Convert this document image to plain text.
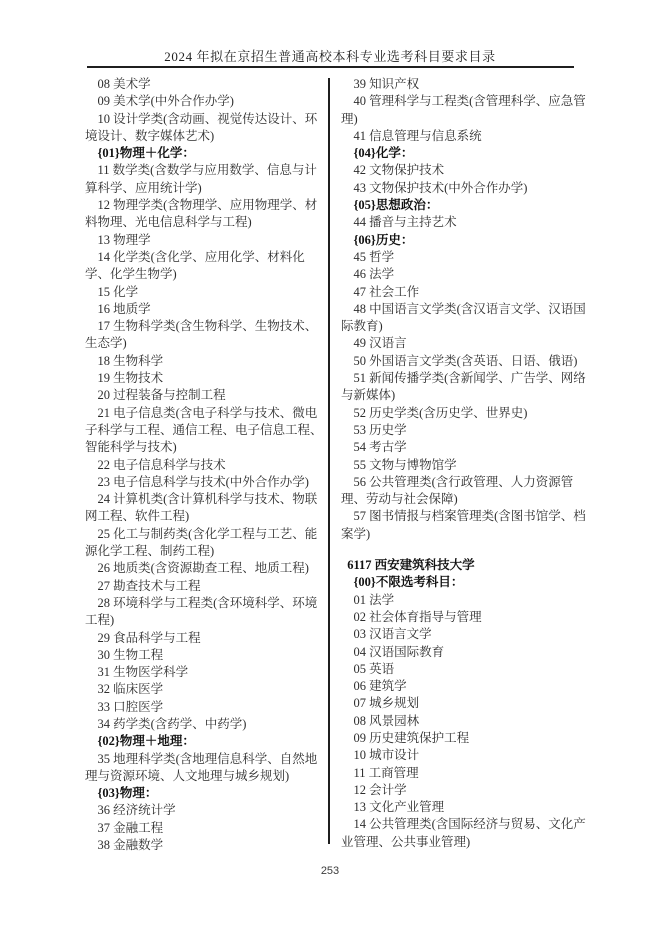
2024 年拟在京招生普通高校本科专业选考科目要求目录

08 美术学

09 美术学(中外合作办学)

10 设计学类(含动画、视觉传达设计、环境设计、数字媒体艺术)

{01}物理＋化学：

11 数学类(含数学与应用数学、信息与计算科学、应用统计学)

12 物理学类(含物理学、应用物理学、材料物理、光电信息科学与工程)

13 物理学

14 化学类(含化学、应用化学、材料化学、化学生物学)

15 化学

16 地质学

17 生物科学类(含生物科学、生物技术、生态学)

18 生物科学

19 生物技术

20 过程装备与控制工程

21 电子信息类(含电子科学与技术、微电子科学与工程、通信工程、电子信息工程、智能科学与技术)

22 电子信息科学与技术

23 电子信息科学与技术(中外合作办学)

24 计算机类(含计算机科学与技术、物联网工程、软件工程)

25 化工与制药类(含化学工程与工艺、能源化学工程、制药工程)

26 地质类(含资源勘查工程、地质工程)

27 勘查技术与工程

28 环境科学与工程类(含环境科学、环境工程)

29 食品科学与工程

30 生物工程

31 生物医学科学

32 临床医学

33 口腔医学

34 药学类(含药学、中药学)

{02}物理＋地理：

35 地理科学类(含地理信息科学、自然地理与资源环境、人文地理与城乡规划)

{03}物理：

36 经济统计学

37 金融工程

38 金融数学

39 知识产权

40 管理科学与工程类(含管理科学、应急管理)

41 信息管理与信息系统

{04}化学：

42 文物保护技术

43 文物保护技术(中外合作办学)

{05}思想政治：

44 播音与主持艺术

{06}历史：

45 哲学

46 法学

47 社会工作

48 中国语言文学类(含汉语言文学、汉语国际教育)

49 汉语言

50 外国语言文学类(含英语、日语、俄语)

51 新闻传播学类(含新闻学、广告学、网络与新媒体)

52 历史学类(含历史学、世界史)

53 历史学

54 考古学

55 文物与博物馆学

56 公共管理类(含行政管理、人力资源管理、劳动与社会保障)

57 图书情报与档案管理类(含图书馆学、档案学)

6117 西安建筑科技大学

{00}不限选考科目：

01 法学

02 社会体育指导与管理

03 汉语言文学

04 汉语国际教育

05 英语

06 建筑学

07 城乡规划

08 风景园林

09 历史建筑保护工程

10 城市设计

11 工商管理

12 会计学

13 文化产业管理

14 公共管理类(含国际经济与贸易、文化产业管理、公共事业管理)

253
